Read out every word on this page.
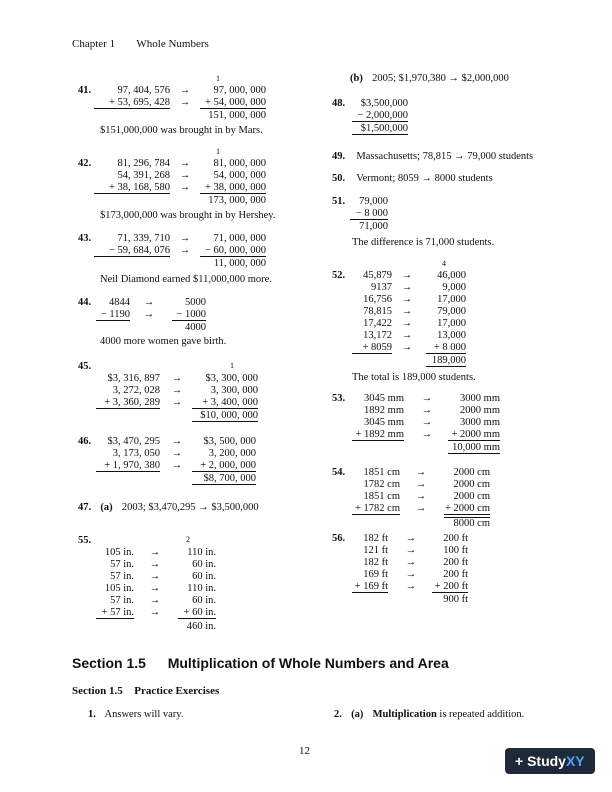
Chapter 1 Whole Numbers
41.
1
97, 404, 576 →	97, 000, 000
+ 53, 695, 428 →	+ 54, 000, 000
151, 000, 000
$151,000,000 was brought in by Mars.
42.
1
81, 296, 784 →	81, 000, 000
54, 391, 268 →	54, 000, 000
+ 38, 168, 580 →	+ 38, 000, 000
173, 000, 000
$173,000,000 was brought in by Hershey.
43.	71, 339, 710 →	71, 000, 000
− 59, 684, 076 →	− 60, 000, 000
11, 000, 000
Neil Diamond earned $11,000,000 more.
44.	4844 →	5000
− 1190 →	− 1000
4000
4000 more women gave birth.
45.	1
$3, 316, 897 →	$3, 300, 000
3, 272, 028 →	3, 300, 000
+ 3, 360, 289 →	+ 3, 400, 000
$10, 000, 000
46.	$3, 470, 295 →	$3, 500, 000
3, 173, 050 →	3, 200, 000
+ 1, 970, 380 →	+ 2, 000, 000
$8, 700, 000
47. (a) 2003; $3,470,295 → $3,500,000
55.	2
105 in. →	110 in.
57 in. →	60 in.
57 in. →	60 in.
105 in. →	110 in.
57 in. →	60 in.
+ 57 in. →	+ 60 in.
460 in.
(b) 2005; $1,970,380 → $2,000,000
48.	$3,500,000
− 2,000,000
$1,500,000
49. Massachusetts; 78,815 → 79,000 students
50. Vermont; 8059 → 8000 students
51.	79,000
− 8 000
71,000
The difference is 71,000 students.
52.
4
45,879 →	46,000
9137 →	9,000
16,756 →	17,000
78,815 →	79,000
17,422 →	17,000
13,172 →	13,000
+ 8059 →	+ 8 000
189,000
The total is 189,000 students.
53.	3045 mm →	3000 mm
1892 mm →	2000 mm
3045 mm →	3000 mm
+ 1892 mm →	+ 2000 mm
10,000 mm
54.	1851 cm →	2000 cm
1782 cm →	2000 cm
1851 cm →	2000 cm
+ 1782 cm → + 2000 cm
8000 cm
56.	182 ft →	200 ft
121 ft →	100 ft
182 ft →	200 ft
169 ft →	200 ft
+ 169 ft → + 200 ft
900 ft
Section 1.5 Multiplication of Whole Numbers and Area
Section 1.5 Practice Exercises
1. Answers will vary.	2. (a) Multiplication is repeated addition.
12
+ StudyXY
